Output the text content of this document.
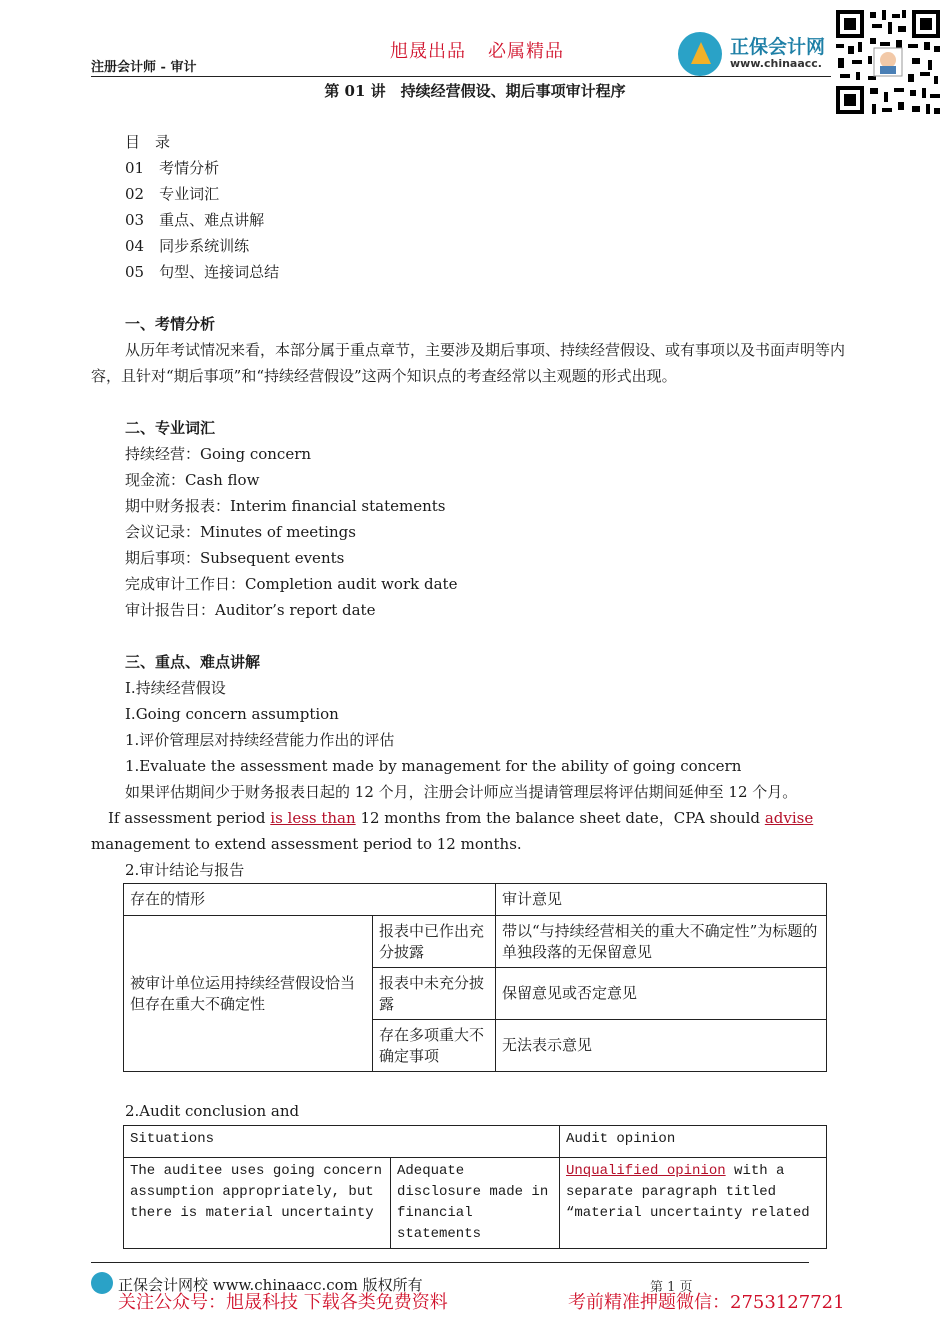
注册会计师 - 审计
旭晟出品 必属精品	正保会计网
www.chinaacc.
第 01 讲　持续经营假设、期后事项审计程序
目　录
01　考情分析
02　专业词汇
03　重点、难点讲解
04　同步系统训练
05　句型、连接词总结
一、考情分析
从历年考试情况来看，本部分属于重点章节，主要涉及期后事项、持续经营假设、或有事项以及书面声明等内容，且针对“期后事项”和“持续经营假设”这两个知识点的考查经常以主观题的形式出现。
二、专业词汇
持续经营：Going concern
现金流：Cash flow
期中财务报表：Interim financial statements
会议记录：Minutes of meetings
期后事项：Subsequent events
完成审计工作日：Completion audit work date
审计报告日：Auditor’s report date
三、重点、难点讲解
Ⅰ.持续经营假设
Ⅰ.Going concern assumption
1.评价管理层对持续经营能力作出的评估
1.Evaluate the assessment made by management for the ability of going concern
如果评估期间少于财务报表日起的 12 个月，注册会计师应当提请管理层将评估期间延伸至 12 个月。
If assessment period is less than 12 months from the balance sheet date，CPA should advise management to extend assessment period to 12 months.
2.审计结论与报告
存在的情形		审计意见
被审计单位运用持续经营假设恰当但存在重大不确定性	报表中已作出充分披露	带以“与持续经营相关的重大不确定性”为标题的单独段落的无保留意见
	报表中未充分披露	保留意见或否定意见
	存在多项重大不确定事项	无法表示意见
2.Audit conclusion and
Situations		Audit opinion
The auditee uses going concern assumption appropriately, but there is material uncertainty	Adequate disclosure made in financial statements	Unqualified opinion with a separate paragraph titled “material uncertainty related
正保会计网校 www.chinaacc.com 版权所有	第 1 页
关注公众号：旭晟科技 下载各类免费资料	考前精准押题微信：2753127721
